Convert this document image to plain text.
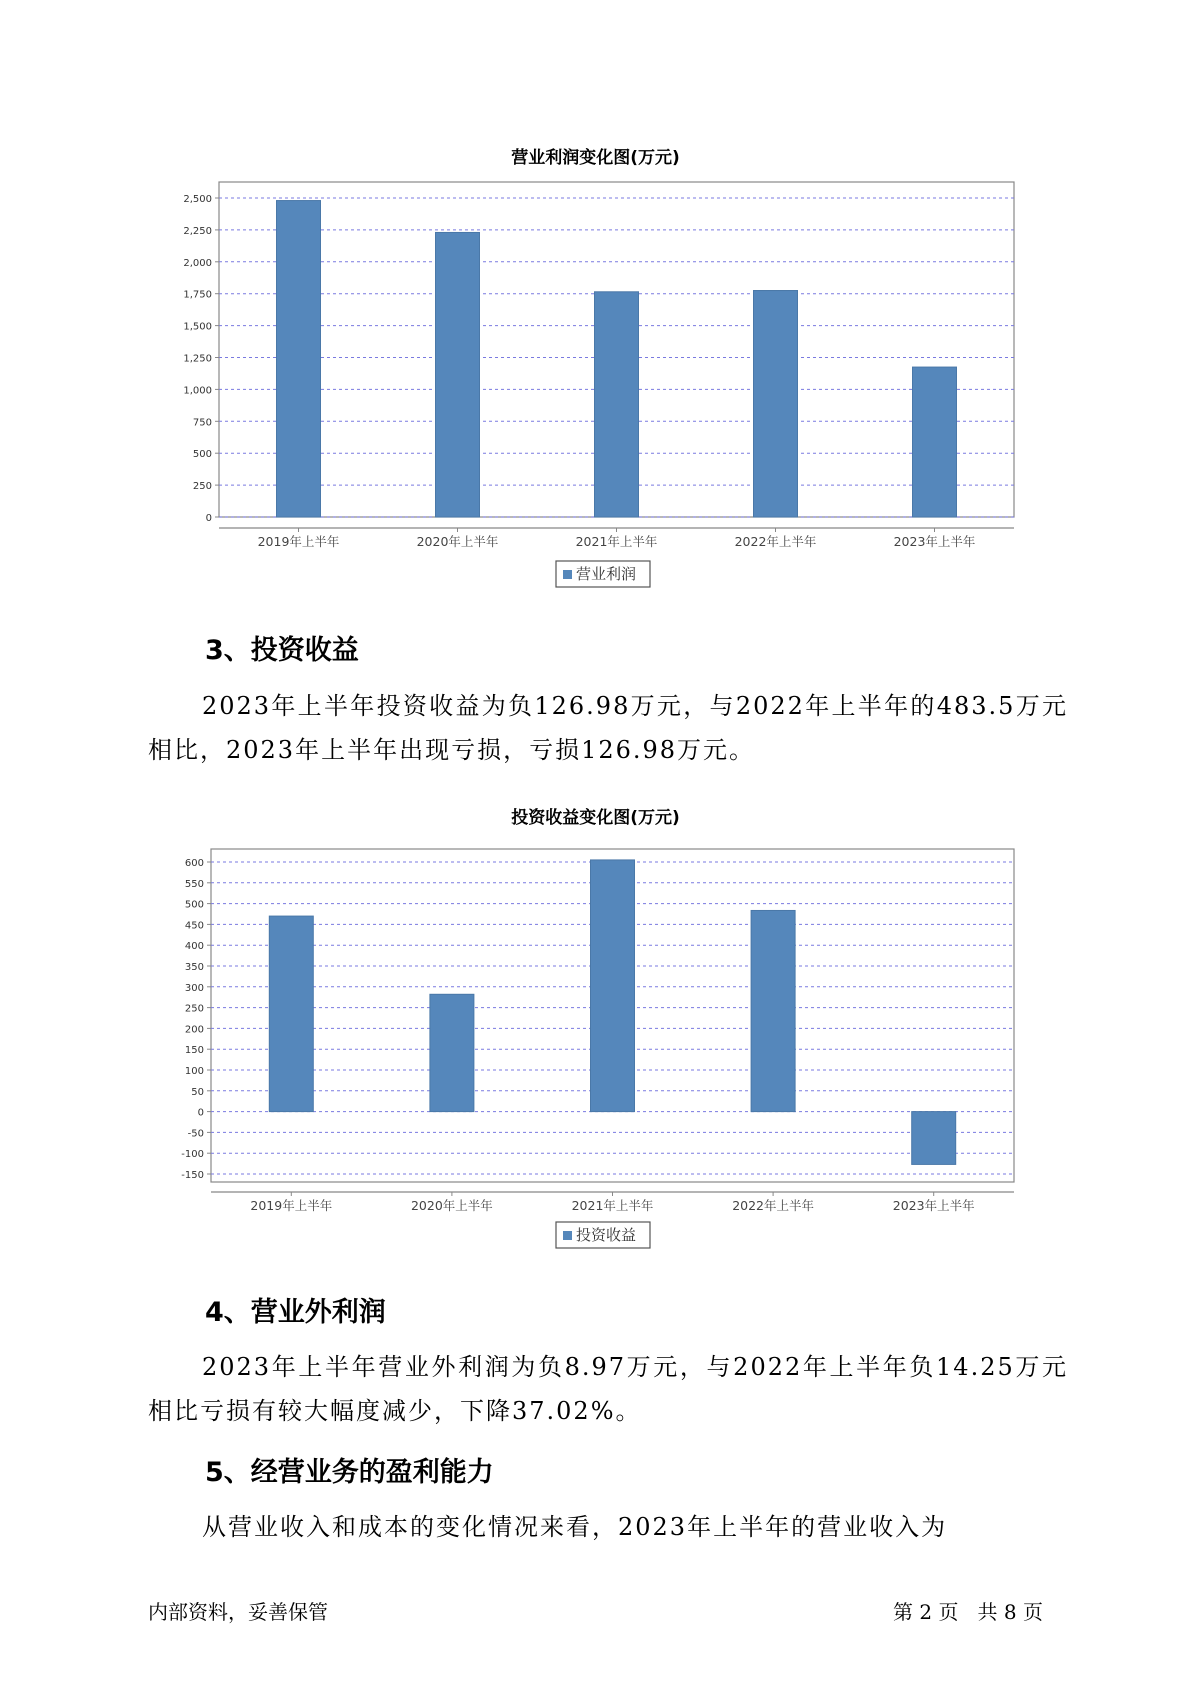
营业利润变化图(万元)
0
250
500
750
1,000
1,250
1,500
1,750
2,000
2,250
2,500
2019年上半年	2020年上半年	2021年上半年	2022年上半年	2023年上半年
营业利润
3、投资收益
2023年上半年投资收益为负126.98万元，与2022年上半年的483.5万元相比，2023年上半年出现亏损，亏损126.98万元。
投资收益变化图(万元)
-150
-100
-50
0
50
100
150
200
250
300
350
400
450
500
550
600
2019年上半年	2020年上半年	2021年上半年	2022年上半年	2023年上半年
投资收益
4、营业外利润
2023年上半年营业外利润为负8.97万元，与2022年上半年负14.25万元相比亏损有较大幅度减少，下降37.02%。
5、经营业务的盈利能力
从营业收入和成本的变化情况来看，2023年上半年的营业收入为
内部资料，妥善保管	第 2 页   共 8 页
